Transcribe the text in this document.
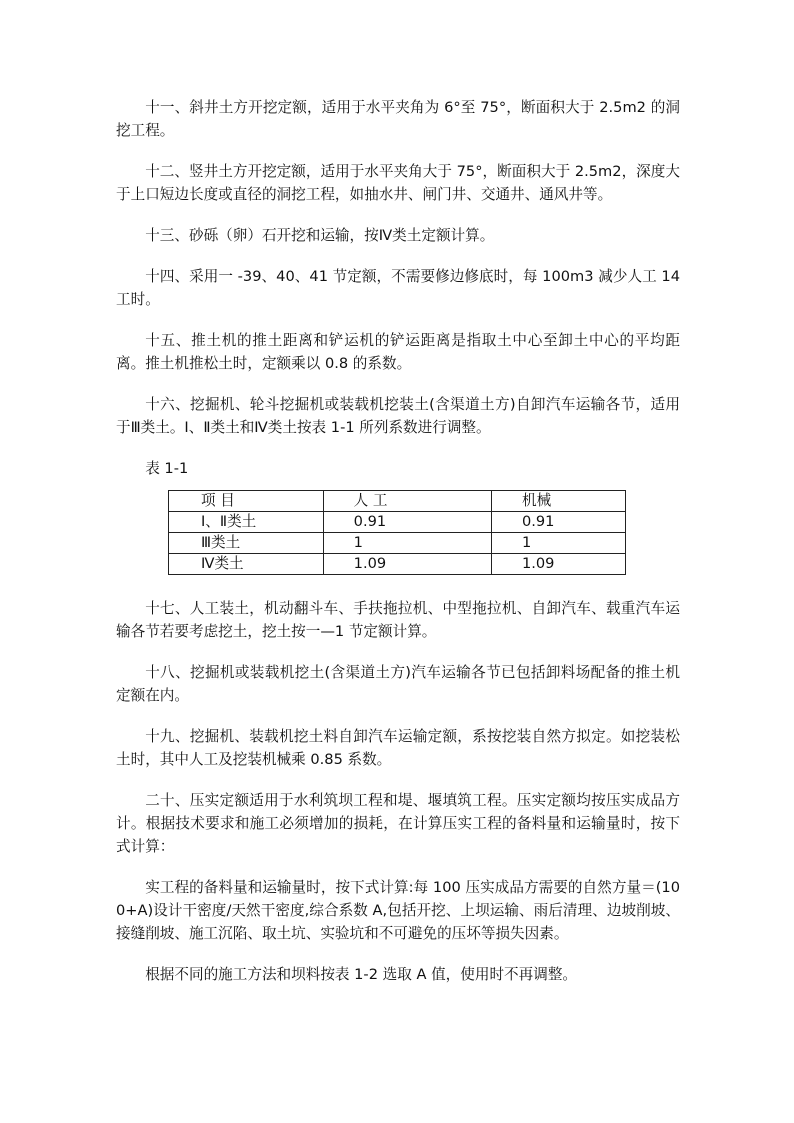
十一、斜井土方开挖定额，适用于水平夹角为 6°至 75°，断面积大于 2.5m2 的洞挖工程。

十二、竖井土方开挖定额，适用于水平夹角大于 75°，断面积大于 2.5m2，深度大于上口短边长度或直径的洞挖工程，如抽水井、闸门井、交通井、通风井等。

十三、砂砾（卵）石开挖和运输，按Ⅳ类土定额计算。

十四、采用一 -39、40、41 节定额，不需要修边修底时，每 100m3 减少人工 14 工时。

十五、推土机的推土距离和铲运机的铲运距离是指取土中心至卸土中心的平均距离。推土机推松土时，定额乘以 0.8 的系数。

十六、挖掘机、轮斗挖掘机或装载机挖装土(含渠道土方)自卸汽车运输各节，适用于Ⅲ类土。Ⅰ、Ⅱ类土和Ⅳ类土按表 1-1 所列系数进行调整。

表 1-1

项 目	人 工	机械
Ⅰ、Ⅱ类土	0.91	0.91
Ⅲ类土	1	1
Ⅳ类土	1.09	1.09

十七、人工装土，机动翻斗车、手扶拖拉机、中型拖拉机、自卸汽车、载重汽车运输各节若要考虑挖土，挖土按一—1 节定额计算。

十八、挖掘机或装载机挖土(含渠道土方)汽车运输各节已包括卸料场配备的推土机定额在内。

十九、挖掘机、装载机挖土料自卸汽车运输定额，系按挖装自然方拟定。如挖装松土时，其中人工及挖装机械乘 0.85 系数。

二十、压实定额适用于水利筑坝工程和堤、堰填筑工程。压实定额均按压实成品方计。根据技术要求和施工必须增加的损耗，在计算压实工程的备料量和运输量时，按下式计算：

实工程的备料量和运输量时，按下式计算:每 100 压实成品方需要的自然方量＝(100+A)设计干密度/天然干密度,综合系数 A,包括开挖、上坝运输、雨后清理、边坡削坡、接缝削坡、施工沉陷、取土坑、实验坑和不可避免的压坏等损失因素。

根据不同的施工方法和坝料按表 1-2 选取 A 值，使用时不再调整。
